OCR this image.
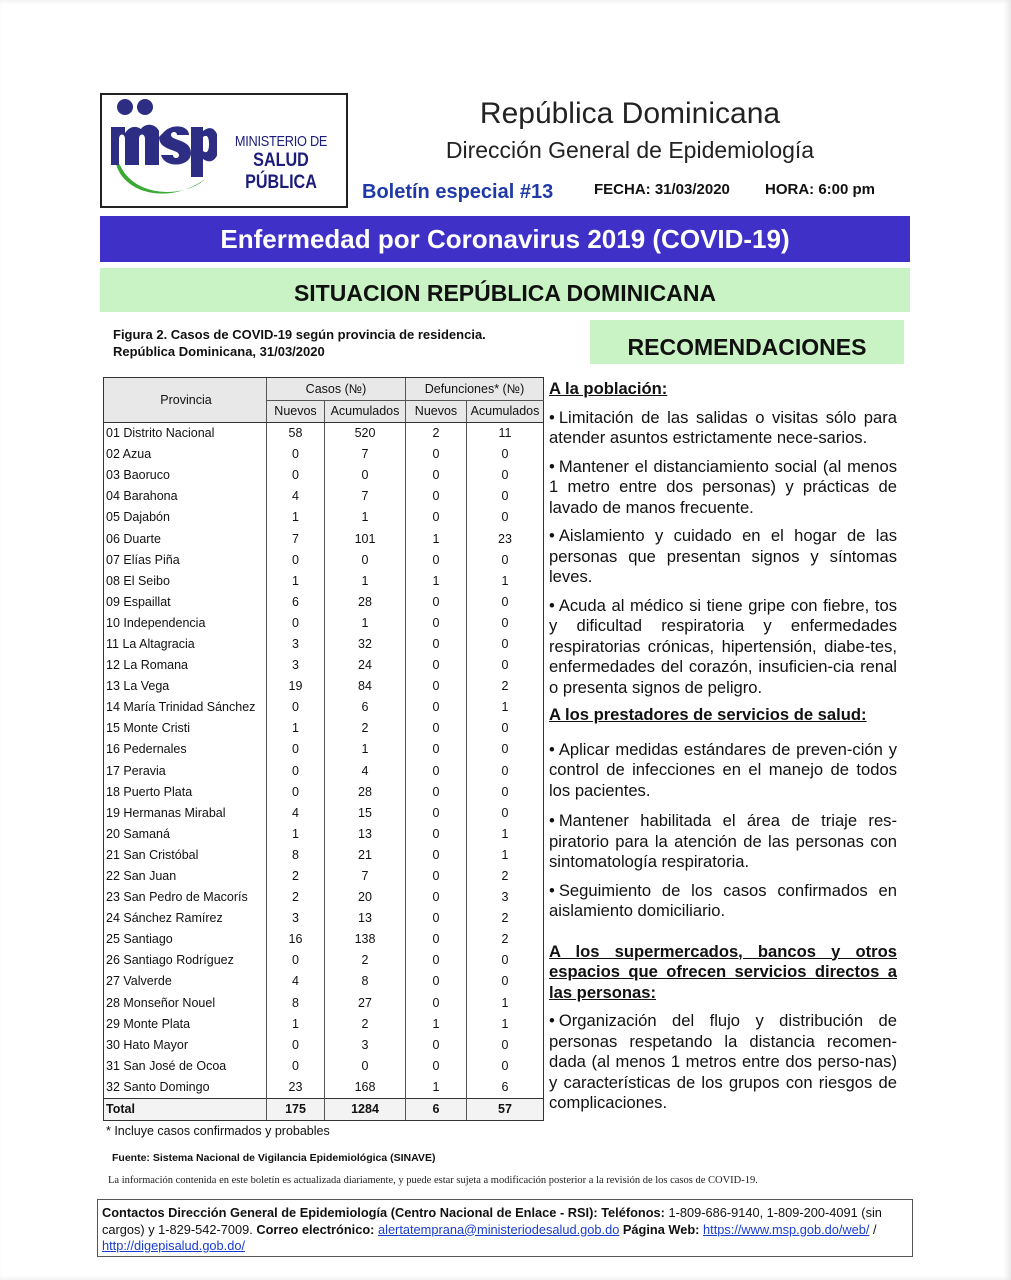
MINISTERIO DE
SALUD PÚBLICA
República Dominicana
Dirección General de Epidemiología
Boletín especial #13	FECHA: 31/03/2020 HORA: 6:00 pm
Enfermedad por Coronavirus 2019 (COVID-19)
SITUACION REPÚBLICA DOMINICANA
Figura 2. Casos de COVID-19 según provincia de residencia.
República Dominicana, 31/03/2020	RECOMENDACIONES
Provincia	Casos (№)		Defunciones* (№)	
	Nuevos	Acumulados	Nuevos	Acumulados
01 Distrito Nacional	58	520	2	11
02 Azua	0	7	0	0
03 Baoruco	0	0	0	0
04 Barahona	4	7	0	0
05 Dajabón	1	1	0	0
06 Duarte	7	101	1	23
07 Elías Piña	0	0	0	0
08 El Seibo	1	1	1	1
09 Espaillat	6	28	0	0
10 Independencia	0	1	0	0
11 La Altagracia	3	32	0	0
12 La Romana	3	24	0	0
13 La Vega	19	84	0	2
14 María Trinidad Sánchez	0	6	0	1
15 Monte Cristi	1	2	0	0
16 Pedernales	0	1	0	0
17 Peravia	0	4	0	0
18 Puerto Plata	0	28	0	0
19 Hermanas Mirabal	4	15	0	0
20 Samaná	1	13	0	1
21 San Cristóbal	8	21	0	1
22 San Juan	2	7	0	2
23 San Pedro de Macorís	2	20	0	3
24 Sánchez Ramírez	3	13	0	2
25 Santiago	16	138	0	2
26 Santiago Rodríguez	0	2	0	0
27 Valverde	4	8	0	0
28 Monseñor Nouel	8	27	0	1
29 Monte Plata	1	2	1	1
30 Hato Mayor	0	3	0	0
31 San José de Ocoa	0	0	0	0
32 Santo Domingo	23	168	1	6
Total	175	1284	6	57
* Incluye casos confirmados y probables
Fuente: Sistema Nacional de Vigilancia Epidemiológica (SINAVE)
La información contenida en este boletín es actualizada diariamente, y puede estar sujeta a modificación posterior a la revisión de los casos de COVID-19.

A la población:

• Limitación de las salidas o visitas sólo para atender asuntos estrictamente nece-sarios.

• Mantener el distanciamiento social (al menos 1 metro entre dos personas) y prácticas de lavado de manos frecuente.

• Aislamiento y cuidado en el hogar de las personas que presentan signos y síntomas leves.

• Acuda al médico si tiene gripe con fiebre, tos y dificultad respiratoria y enfermedades respiratorias crónicas, hipertensión, diabe-tes, enfermedades del corazón, insuficien-cia renal o presenta signos de peligro.

A los prestadores de servicios de salud:

• Aplicar medidas estándares de preven-ción y control de infecciones en el manejo de todos los pacientes.

• Mantener habilitada el área de triaje res-piratorio para la atención de las personas con sintomatología respiratoria.

• Seguimiento de los casos confirmados en aislamiento domiciliario.

A los supermercados, bancos y otros espacios que ofrecen servicios directos a las personas:

• Organización del flujo y distribución de personas respetando la distancia recomen-dada (al menos 1 metros entre dos perso-nas) y características de los grupos con riesgos de complicaciones.

Contactos Dirección General de Epidemiología (Centro Nacional de Enlace - RSI): Teléfonos: 1-809-686-9140, 1-809-200-4091 (sin cargos) y 1-829-542-7009. Correo electrónico: alertatemprana@ministeriodesalud.gob.do Página Web: https://www.msp.gob.do/web/ / http://digepisalud.gob.do/
